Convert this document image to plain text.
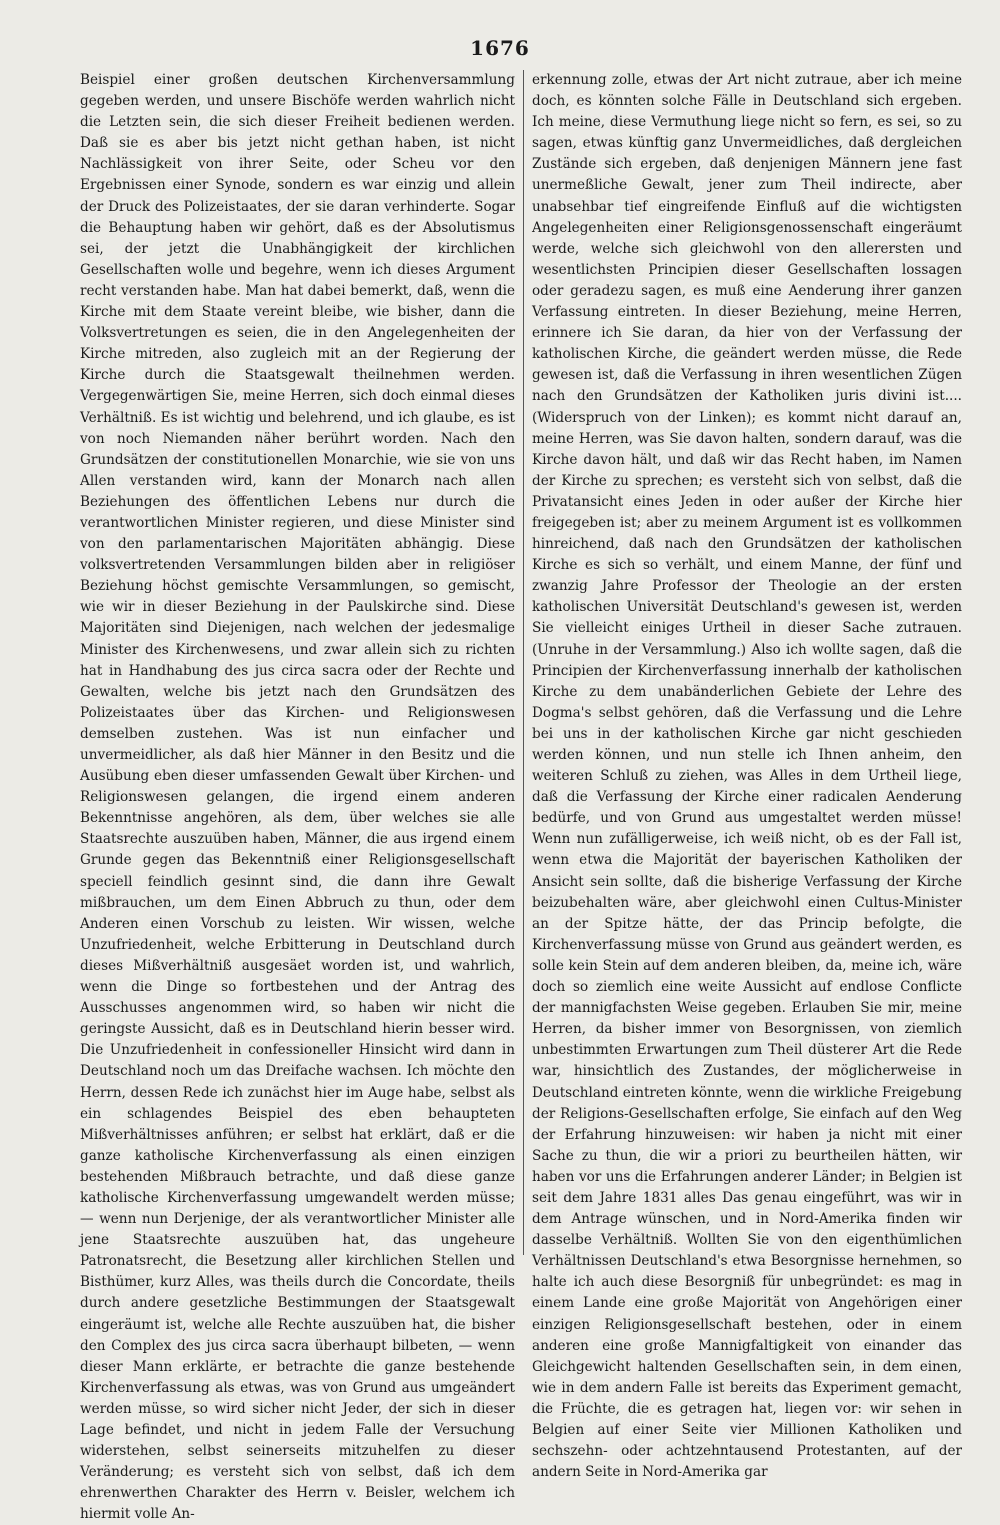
1676

Beispiel einer großen deutschen Kirchenversammlung gegeben werden, und unsere Bischöfe werden wahrlich nicht die Letzten sein, die sich dieser Freiheit bedienen werden. Daß sie es aber bis jetzt nicht gethan haben, ist nicht Nachlässigkeit von ihrer Seite, oder Scheu vor den Ergebnissen einer Synode, sondern es war einzig und allein der Druck des Polizeistaates, der sie daran verhinderte. Sogar die Behauptung haben wir gehört, daß es der Absolutismus sei, der jetzt die Unabhängigkeit der kirchlichen Gesellschaften wolle und begehre, wenn ich dieses Argument recht verstanden habe. Man hat dabei bemerkt, daß, wenn die Kirche mit dem Staate vereint bleibe, wie bisher, dann die Volksvertretungen es seien, die in den Angelegenheiten der Kirche mitreden, also zugleich mit an der Regierung der Kirche durch die Staatsgewalt theilnehmen werden. Vergegenwärtigen Sie, meine Herren, sich doch einmal dieses Verhältniß. Es ist wichtig und belehrend, und ich glaube, es ist von noch Niemanden näher berührt worden. Nach den Grundsätzen der constitutionellen Monarchie, wie sie von uns Allen verstanden wird, kann der Monarch nach allen Beziehungen des öffentlichen Lebens nur durch die verantwortlichen Minister regieren, und diese Minister sind von den parlamentarischen Majoritäten abhängig. Diese volksvertretenden Versammlungen bilden aber in religiöser Beziehung höchst gemischte Versammlungen, so gemischt, wie wir in dieser Beziehung in der Paulskirche sind. Diese Majoritäten sind Diejenigen, nach welchen der jedesmalige Minister des Kirchenwesens, und zwar allein sich zu richten hat in Handhabung des jus circa sacra oder der Rechte und Gewalten, welche bis jetzt nach den Grundsätzen des Polizeistaates über das Kirchen- und Religionswesen demselben zustehen. Was ist nun einfacher und unvermeidlicher, als daß hier Männer in den Besitz und die Ausübung eben dieser umfassenden Gewalt über Kirchen- und Religionswesen gelangen, die irgend einem anderen Bekenntnisse angehören, als dem, über welches sie alle Staatsrechte auszuüben haben, Männer, die aus irgend einem Grunde gegen das Bekenntniß einer Religionsgesellschaft speciell feindlich gesinnt sind, die dann ihre Gewalt mißbrauchen, um dem Einen Abbruch zu thun, oder dem Anderen einen Vorschub zu leisten. Wir wissen, welche Unzufriedenheit, welche Erbitterung in Deutschland durch dieses Mißverhältniß ausgesäet worden ist, und wahrlich, wenn die Dinge so fortbestehen und der Antrag des Ausschusses angenommen wird, so haben wir nicht die geringste Aussicht, daß es in Deutschland hierin besser wird. Die Unzufriedenheit in confessioneller Hinsicht wird dann in Deutschland noch um das Dreifache wachsen. Ich möchte den Herrn, dessen Rede ich zunächst hier im Auge habe, selbst als ein schlagendes Beispiel des eben behaupteten Mißverhältnisses anführen; er selbst hat erklärt, daß er die ganze katholische Kirchenverfassung als einen einzigen bestehenden Mißbrauch betrachte, und daß diese ganze katholische Kirchenverfassung umgewandelt werden müsse; — wenn nun Derjenige, der als verantwortlicher Minister alle jene Staatsrechte auszuüben hat, das ungeheure Patronatsrecht, die Besetzung aller kirchlichen Stellen und Bisthümer, kurz Alles, was theils durch die Concordate, theils durch andere gesetzliche Bestimmungen der Staatsgewalt eingeräumt ist, welche alle Rechte auszuüben hat, die bisher den Complex des jus circa sacra überhaupt bilbeten, — wenn dieser Mann erklärte, er betrachte die ganze bestehende Kirchenverfassung als etwas, was von Grund aus umgeändert werden müsse, so wird sicher nicht Jeder, der sich in dieser Lage befindet, und nicht in jedem Falle der Versuchung widerstehen, selbst seinerseits mitzuhelfen zu dieser Veränderung; es versteht sich von selbst, daß ich dem ehrenwerthen Charakter des Herrn v. Beisler, welchem ich hiermit volle An-

erkennung zolle, etwas der Art nicht zutraue, aber ich meine doch, es könnten solche Fälle in Deutschland sich ergeben. Ich meine, diese Vermuthung liege nicht so fern, es sei, so zu sagen, etwas künftig ganz Unvermeidliches, daß dergleichen Zustände sich ergeben, daß denjenigen Männern jene fast unermeßliche Gewalt, jener zum Theil indirecte, aber unabsehbar tief eingreifende Einfluß auf die wichtigsten Angelegenheiten einer Religionsgenossenschaft eingeräumt werde, welche sich gleichwohl von den allerersten und wesentlichsten Principien dieser Gesellschaften lossagen oder geradezu sagen, es muß eine Aenderung ihrer ganzen Verfassung eintreten. In dieser Beziehung, meine Herren, erinnere ich Sie daran, da hier von der Verfassung der katholischen Kirche, die geändert werden müsse, die Rede gewesen ist, daß die Verfassung in ihren wesentlichen Zügen nach den Grundsätzen der Katholiken juris divini ist.... (Widerspruch von der Linken); es kommt nicht darauf an, meine Herren, was Sie davon halten, sondern darauf, was die Kirche davon hält, und daß wir das Recht haben, im Namen der Kirche zu sprechen; es versteht sich von selbst, daß die Privatansicht eines Jeden in oder außer der Kirche hier freigegeben ist; aber zu meinem Argument ist es vollkommen hinreichend, daß nach den Grundsätzen der katholischen Kirche es sich so verhält, und einem Manne, der fünf und zwanzig Jahre Professor der Theologie an der ersten katholischen Universität Deutschland's gewesen ist, werden Sie vielleicht einiges Urtheil in dieser Sache zutrauen. (Unruhe in der Versammlung.) Also ich wollte sagen, daß die Principien der Kirchenverfassung innerhalb der katholischen Kirche zu dem unabänderlichen Gebiete der Lehre des Dogma's selbst gehören, daß die Verfassung und die Lehre bei uns in der katholischen Kirche gar nicht geschieden werden können, und nun stelle ich Ihnen anheim, den weiteren Schluß zu ziehen, was Alles in dem Urtheil liege, daß die Verfassung der Kirche einer radicalen Aenderung bedürfe, und von Grund aus umgestaltet werden müsse! Wenn nun zufälligerweise, ich weiß nicht, ob es der Fall ist, wenn etwa die Majorität der bayerischen Katholiken der Ansicht sein sollte, daß die bisherige Verfassung der Kirche beizubehalten wäre, aber gleichwohl einen Cultus-Minister an der Spitze hätte, der das Princip befolgte, die Kirchenverfassung müsse von Grund aus geändert werden, es solle kein Stein auf dem anderen bleiben, da, meine ich, wäre doch so ziemlich eine weite Aussicht auf endlose Conflicte der mannigfachsten Weise gegeben. Erlauben Sie mir, meine Herren, da bisher immer von Besorgnissen, von ziemlich unbestimmten Erwartungen zum Theil düsterer Art die Rede war, hinsichtlich des Zustandes, der möglicherweise in Deutschland eintreten könnte, wenn die wirkliche Freigebung der Religions-Gesellschaften erfolge, Sie einfach auf den Weg der Erfahrung hinzuweisen: wir haben ja nicht mit einer Sache zu thun, die wir a priori zu beurtheilen hätten, wir haben vor uns die Erfahrungen anderer Länder; in Belgien ist seit dem Jahre 1831 alles Das genau eingeführt, was wir in dem Antrage wünschen, und in Nord-Amerika finden wir dasselbe Verhältniß. Wollten Sie von den eigenthümlichen Verhältnissen Deutschland's etwa Besorgnisse hernehmen, so halte ich auch diese Besorgniß für unbegründet: es mag in einem Lande eine große Majorität von Angehörigen einer einzigen Religionsgesellschaft bestehen, oder in einem anderen eine große Mannigfaltigkeit von einander das Gleichgewicht haltenden Gesellschaften sein, in dem einen, wie in dem andern Falle ist bereits das Experiment gemacht, die Früchte, die es getragen hat, liegen vor: wir sehen in Belgien auf einer Seite vier Millionen Katholiken und sechszehn- oder achtzehntausend Protestanten, auf der andern Seite in Nord-Amerika gar
